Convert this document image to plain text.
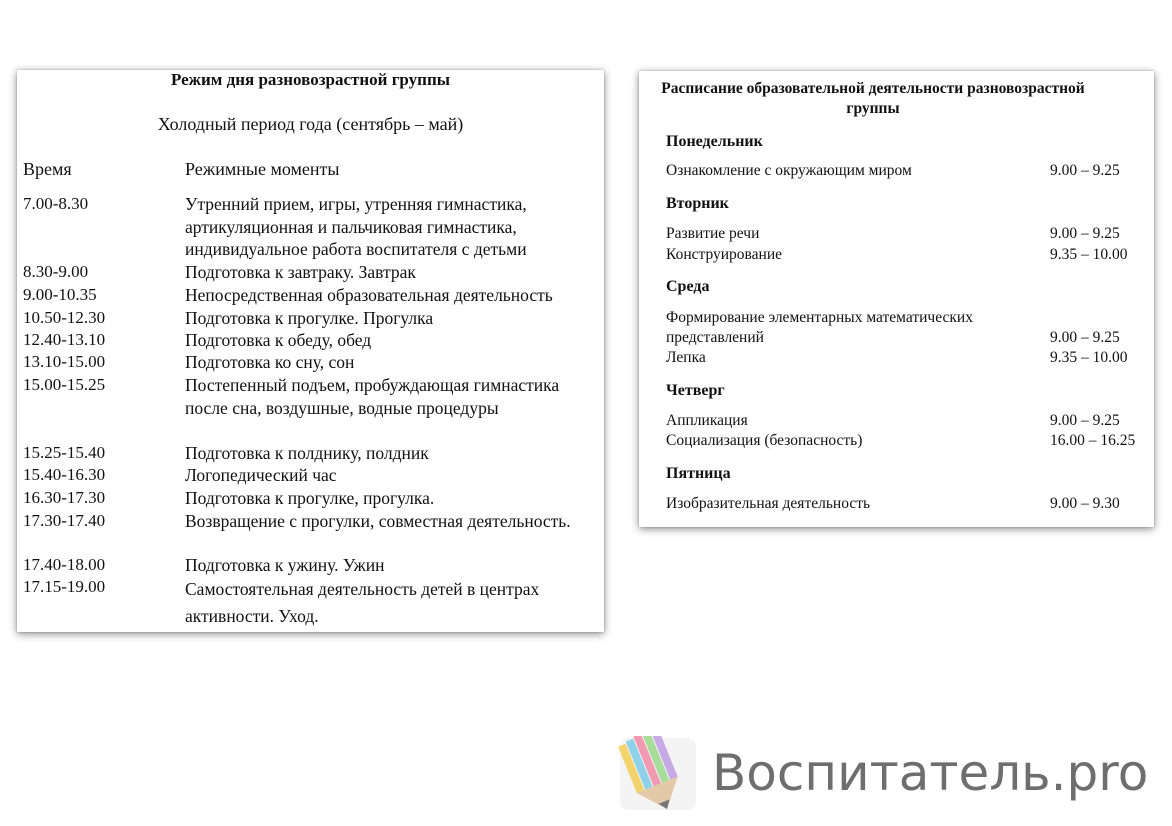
Режим дня разновозрастной группы
Холодный период года (сентябрь – май)
Время	Режимные моменты
7.00-8.30	Утренний прием, игры, утренняя гимнастика, артикуляционная и пальчиковая гимнастика, индивидуальное работа воспитателя с детьми
8.30-9.00	Подготовка к завтраку. Завтрак
9.00-10.35	Непосредственная образовательная деятельность
10.50-12.30	Подготовка к прогулке. Прогулка
12.40-13.10	Подготовка к обеду, обед
13.10-15.00	Подготовка ко сну, сон
15.00-15.25	Постепенный подъем, пробуждающая гимнастика после сна, воздушные, водные процедуры
15.25-15.40	Подготовка к полднику, полдник
15.40-16.30	Логопедический час
16.30-17.30	Подготовка к прогулке, прогулка.
17.30-17.40	Возвращение с прогулки, совместная деятельность.
17.40-18.00	Подготовка к ужину. Ужин
17.15-19.00	Самостоятельная деятельность детей в центрах активности. Уход.
Расписание образовательной деятельности разновозрастной группы
Понедельник
Ознакомление с окружающим миром	9.00 – 9.25
Вторник
Развитие речи	9.00 – 9.25
Конструирование	9.35 – 10.00
Среда
Формирование элементарных математических представлений	9.00 – 9.25
Лепка	9.35 – 10.00
Четверг
Аппликация	9.00 – 9.25
Социализация (безопасность)	16.00 – 16.25
Пятница
Изобразительная деятельность	9.00 – 9.30
Воспитатель.pro
